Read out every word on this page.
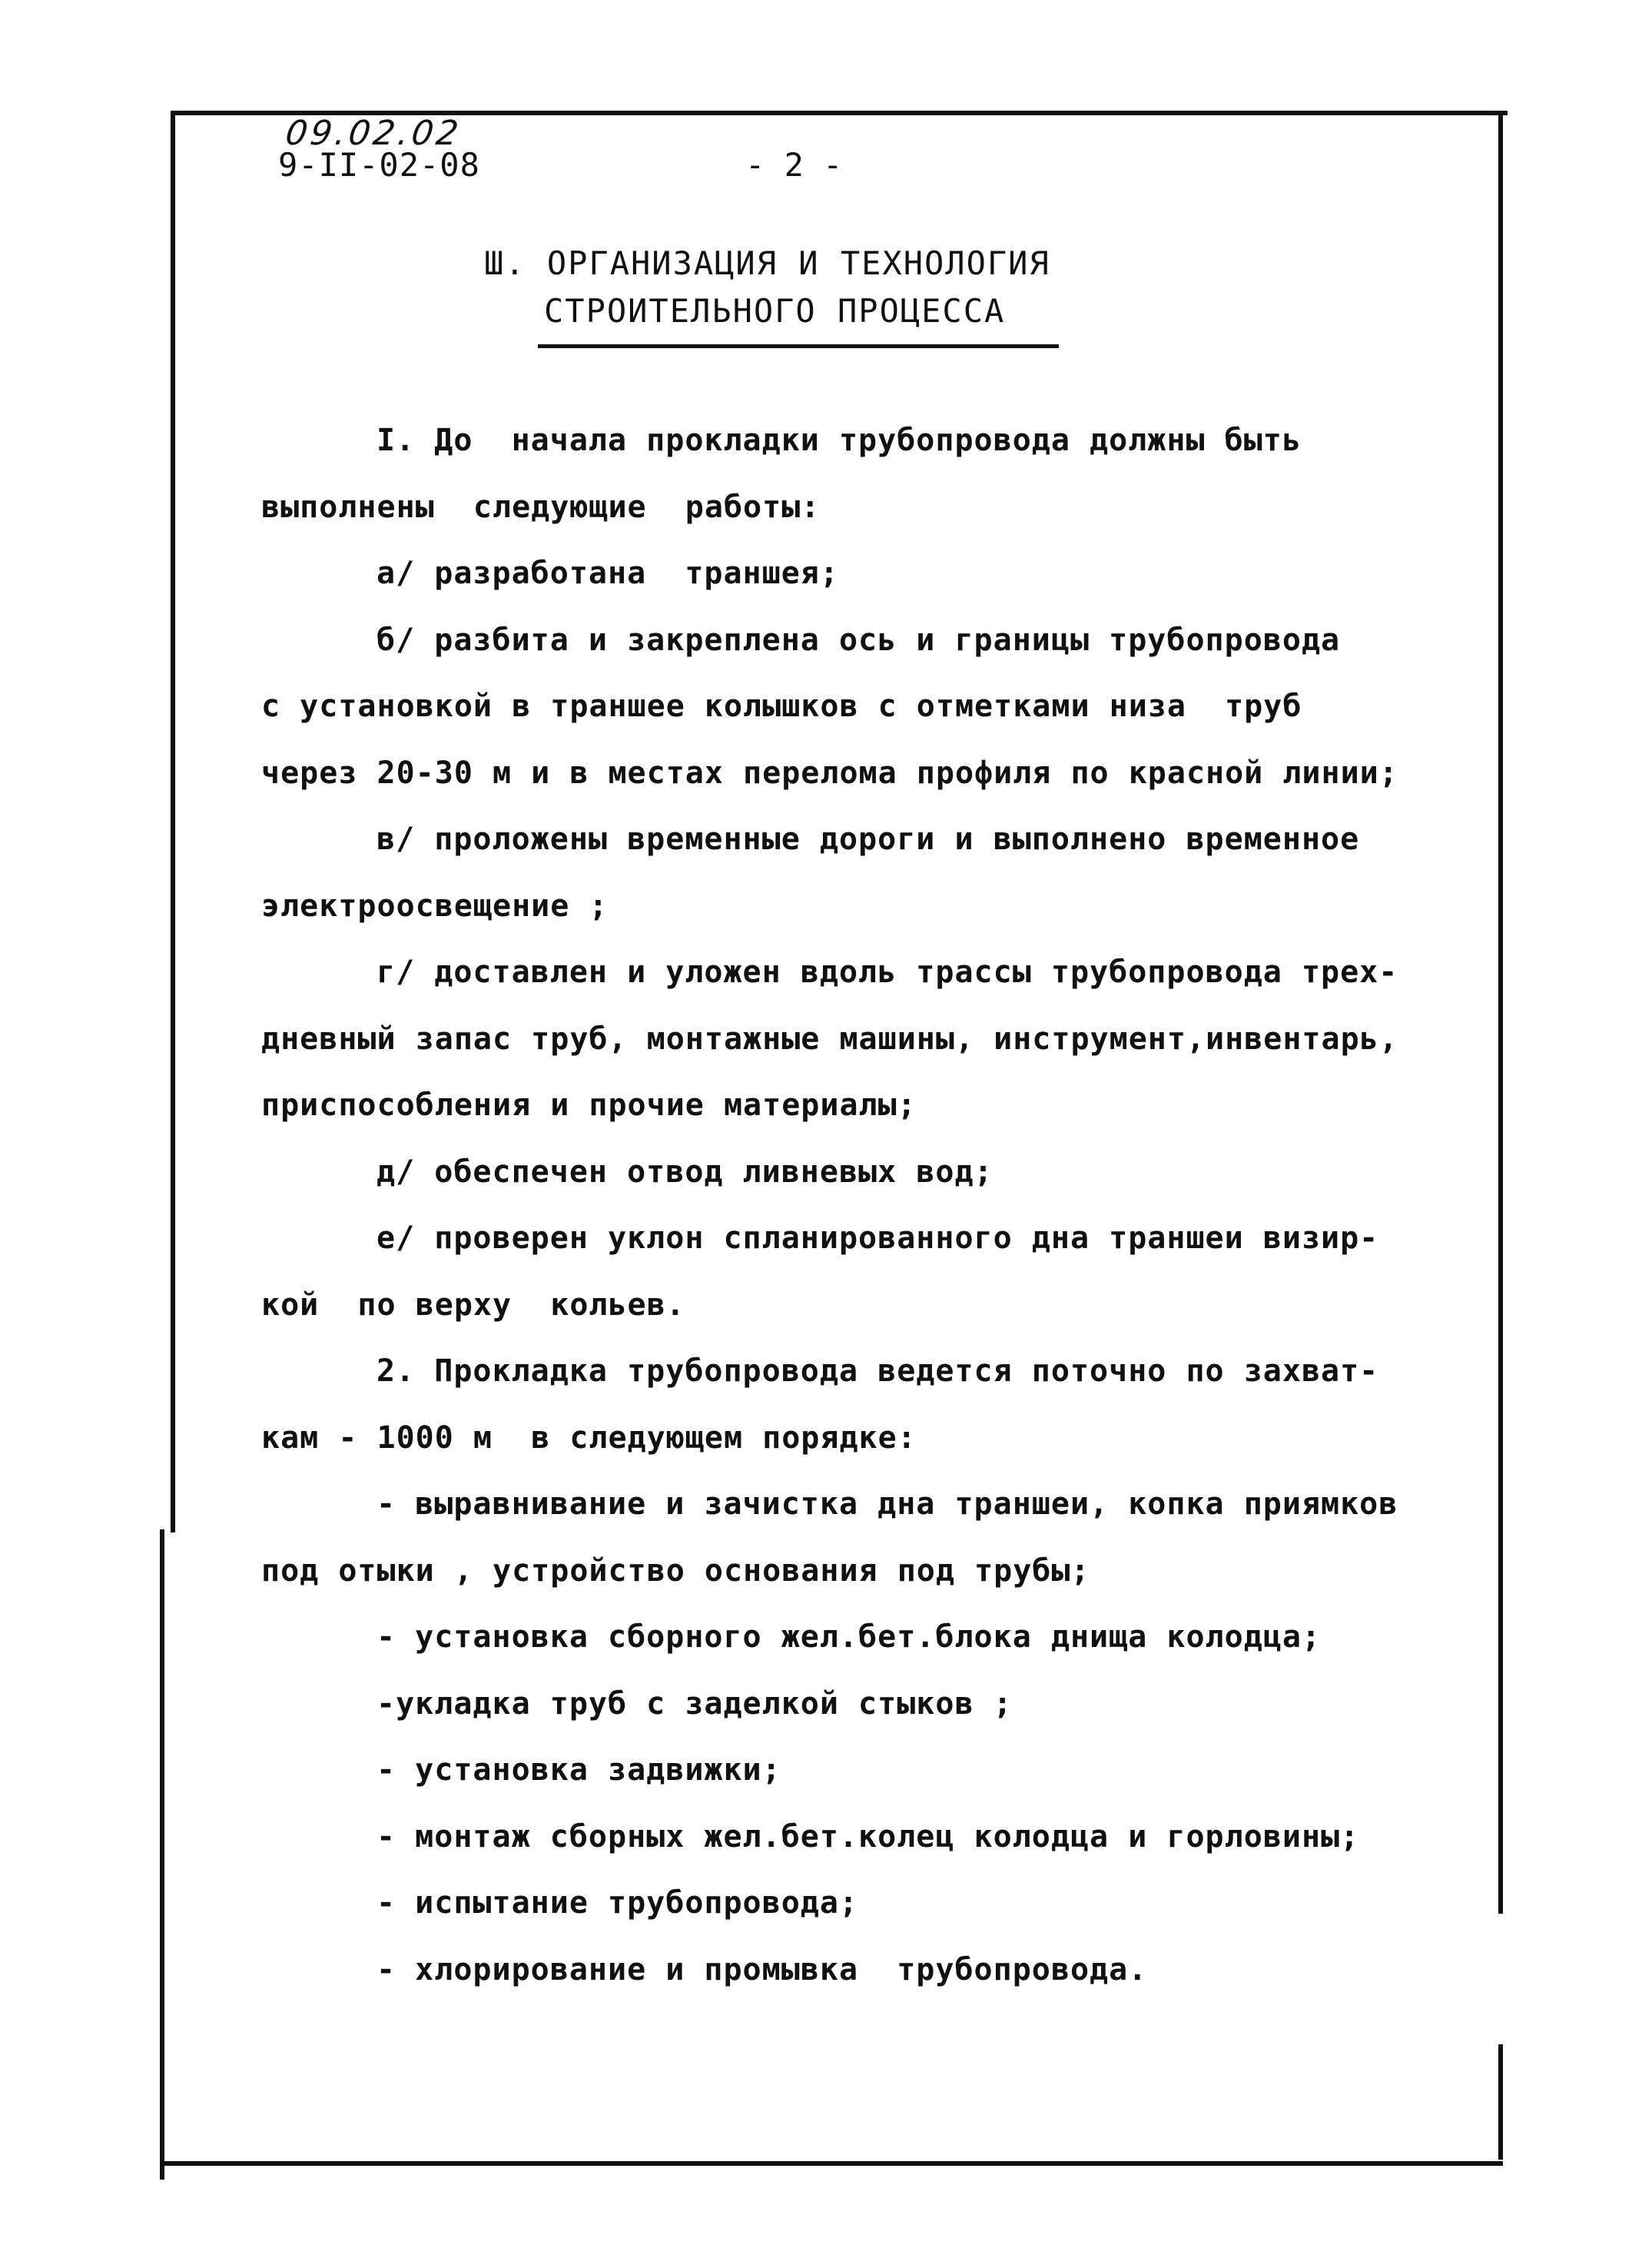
09.02.02
9-II-02-08	- 2 -
Ш. ОРГАНИЗАЦИЯ И ТЕХНОЛОГИЯ
СТРОИТЕЛЬНОГО ПРОЦЕССА

I. До  начала прокладки трубопровода должны быть

выполнены  следующие  работы:

а/ разработана  траншея;

б/ разбита и закреплена ось и границы трубопровода

с установкой в траншее колышков с отметками низа  труб

через 20-30 м и в местах перелома профиля по красной линии;

в/ проложены временные дороги и выполнено временное

электроосвещение ;

г/ доставлен и уложен вдоль трассы трубопровода трех-

дневный запас труб, монтажные машины, инструмент,инвентарь,

приспособления и прочие материалы;

д/ обеспечен отвод ливневых вод;

е/ проверен уклон спланированного дна траншеи визир-

кой  по верху  кольев.

2. Прокладка трубопровода ведется поточно по захват-

кам - 1000 м  в следующем порядке:

- выравнивание и зачистка дна траншеи, копка приямков

под отыки , устройство основания под трубы;

- установка сборного жел.бет.блока днища колодца;

-укладка труб с заделкой стыков ;

- установка задвижки;

- монтаж сборных жел.бет.колец колодца и горловины;

- испытание трубопровода;

- хлорирование и промывка  трубопровода.
